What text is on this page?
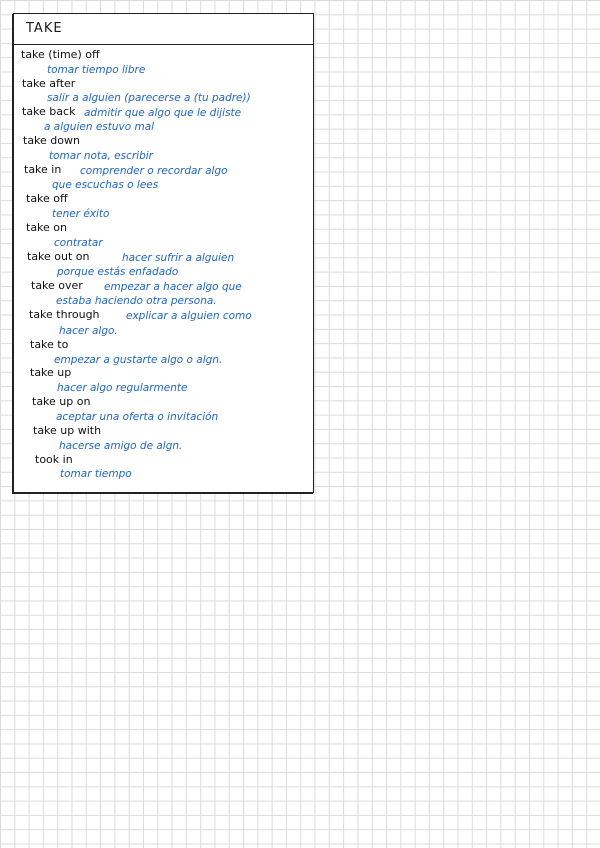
TAKE
take (time) off
tomar tiempo libre
take after
salir a alguien (parecerse a (tu padre))
take back admitir que algo que le dijiste
a alguien estuvo mal
take down
tomar nota, escribir
take in comprender o recordar algo
que escuchas o lees
take off
tener éxito
take on
contratar
take out on	hacer sufrir a alguien
porque estás enfadado
take over empezar a hacer algo que
estaba haciendo otra persona.
take through	explicar a alguien como
hacer algo.
take to
empezar a gustarte algo o algn.
take up
hacer algo regularmente
take up on
aceptar una oferta o invitación
take up with
hacerse amigo de algn.
took in
tomar tiempo
